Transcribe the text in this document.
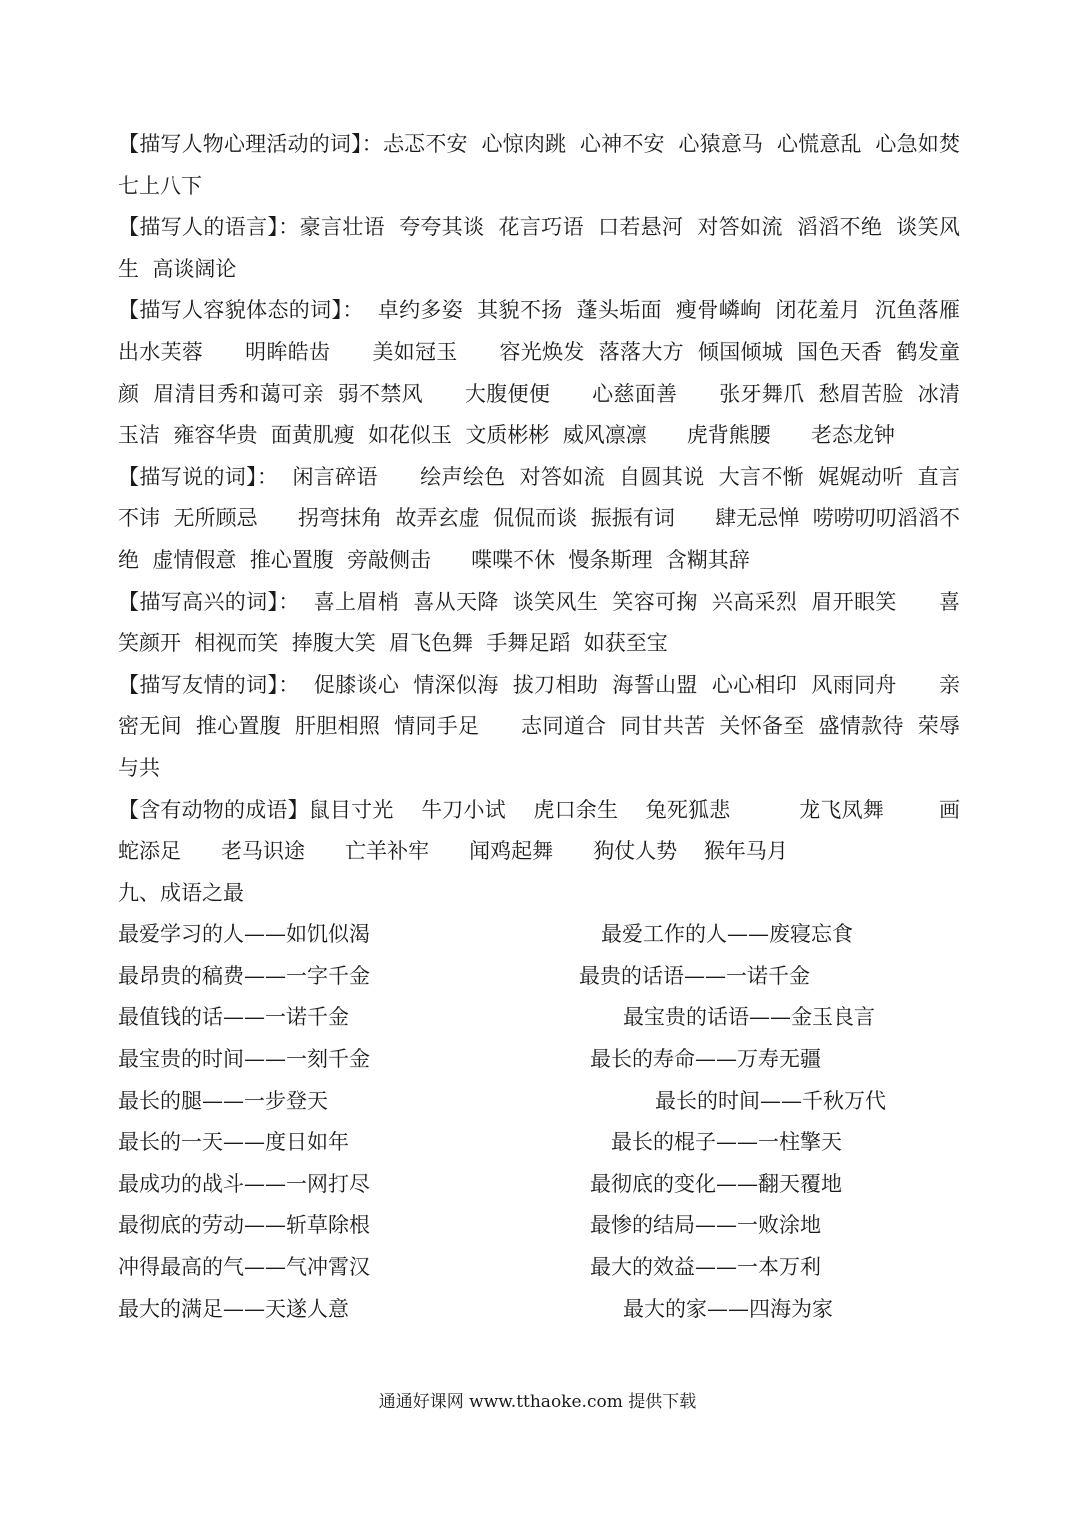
【描写人物心理活动的词】：忐忑不安  心惊肉跳  心神不安  心猿意马  心慌意乱  心急如焚  七上八下

【描写人的语言】：豪言壮语  夸夸其谈  花言巧语  口若悬河  对答如流  滔滔不绝  谈笑风生  高谈阔论

【描写人容貌体态的词】：  卓约多姿  其貌不扬  蓬头垢面  瘦骨嶙峋  闭花羞月  沉鱼落雁  出水芙蓉      明眸皓齿      美如冠玉      容光焕发  落落大方  倾国倾城  国色天香  鹤发童颜  眉清目秀和蔼可亲  弱不禁风      大腹便便      心慈面善      张牙舞爪  愁眉苦脸  冰清玉洁  雍容华贵  面黄肌瘦  如花似玉  文质彬彬  威风凛凛      虎背熊腰      老态龙钟

【描写说的词】：  闲言碎语      绘声绘色  对答如流  自圆其说  大言不惭  娓娓动听  直言不讳  无所顾忌      拐弯抹角  故弄玄虚  侃侃而谈  振振有词      肆无忌惮  唠唠叨叨滔滔不绝  虚情假意  推心置腹  旁敲侧击      喋喋不休  慢条斯理  含糊其辞

【描写高兴的词】：  喜上眉梢  喜从天降  谈笑风生  笑容可掬  兴高采烈  眉开眼笑      喜笑颜开  相视而笑  捧腹大笑  眉飞色舞  手舞足蹈  如获至宝

【描写友情的词】：  促膝谈心  情深似海  拔刀相助  海誓山盟  心心相印  风雨同舟      亲密无间  推心置腹  肝胆相照  情同手足      志同道合  同甘共苦  关怀备至  盛情款待  荣辱与共

【含有动物的成语】鼠目寸光    牛刀小试    虎口余生    兔死狐悲          龙飞凤舞        画蛇添足      老马识途      亡羊补牢      闻鸡起舞      狗仗人势    猴年马月

九、成语之最

最爱学习的人——如饥似渴	最爱工作的人——废寝忘食
最昂贵的稿费——一字千金	最贵的话语——一诺千金
最值钱的话——一诺千金	最宝贵的话语——金玉良言
最宝贵的时间——一刻千金	最长的寿命——万寿无疆
最长的腿——一步登天	最长的时间——千秋万代
最长的一天——度日如年	最长的棍子——一柱擎天
最成功的战斗——一网打尽	最彻底的变化——翻天覆地
最彻底的劳动——斩草除根	最惨的结局——一败涂地
冲得最高的气——气冲霄汉	最大的效益——一本万利
最大的满足——天遂人意	最大的家——四海为家
通通好课网 www.tthaoke.com 提供下载
